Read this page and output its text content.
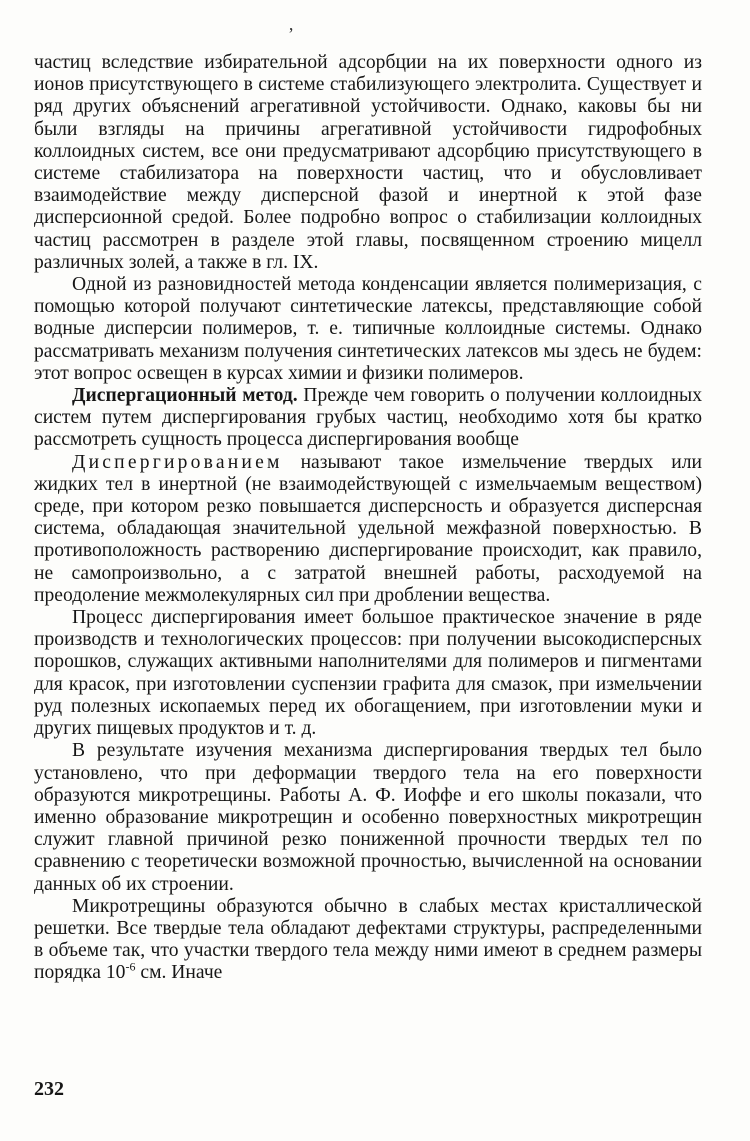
ʼ

частиц вследствие избирательной адсорбции на их поверхности одного из ионов присутствующего в системе стабилизующего электролита. Существует и ряд других объяснений агрегативной устойчивости. Однако, каковы бы ни были взгляды на причины агрегативной устойчивости гидрофобных коллоидных систем, все они предусматривают адсорбцию присутствующего в системе стабилизатора на поверхности частиц, что и обусловливает взаимодействие между дисперсной фазой и инертной к этой фазе дисперсионной средой. Более подробно вопрос о стабилизации коллоидных частиц рассмотрен в разделе этой главы, посвященном строению мицелл различных золей, а также в гл. IX.

Одной из разновидностей метода конденсации является полимеризация, с помощью которой получают синтетические латексы, представляющие собой водные дисперсии полимеров, т. е. типичные коллоидные системы. Однако рассматривать механизм получения синтетических латексов мы здесь не будем: этот вопрос освещен в курсах химии и физики полимеров.

Диспергационный метод. Прежде чем говорить о получении коллоидных систем путем диспергирования грубых частиц, необходимо хотя бы кратко рассмотреть сущность процесса диспергирования вообще

Диспергированием называют такое измельчение твердых или жидких тел в инертной (не взаимодействующей с измельчаемым веществом) среде, при котором резко повышается дисперсность и образуется дисперсная система, обладающая значительной удельной межфазной поверхностью. В противоположность растворению диспергирование происходит, как правило, не самопроизвольно, а с затратой внешней работы, расходуемой на преодоление межмолекулярных сил при дроблении вещества.

Процесс диспергирования имеет большое практическое значение в ряде производств и технологических процессов: при получении высокодисперсных порошков, служащих активными наполнителями для полимеров и пигментами для красок, при изготовлении суспензии графита для смазок, при измельчении руд полезных ископаемых перед их обогащением, при изготовлении муки и других пищевых продуктов и т. д.

В результате изучения механизма диспергирования твердых тел было установлено, что при деформации твердого тела на его поверхности образуются микротрещины. Работы А. Ф. Иоффе и его школы показали, что именно образование микротрещин и особенно поверхностных микротрещин служит главной причиной резко пониженной прочности твердых тел по сравнению с теоретически возможной прочностью, вычисленной на основании данных об их строении.

Микротрещины образуются обычно в слабых местах кристаллической решетки. Все твердые тела обладают дефектами структуры, распределенными в объеме так, что участки твердого тела между ними имеют в среднем размеры порядка $10^{-6}$ см. Иначе

232
